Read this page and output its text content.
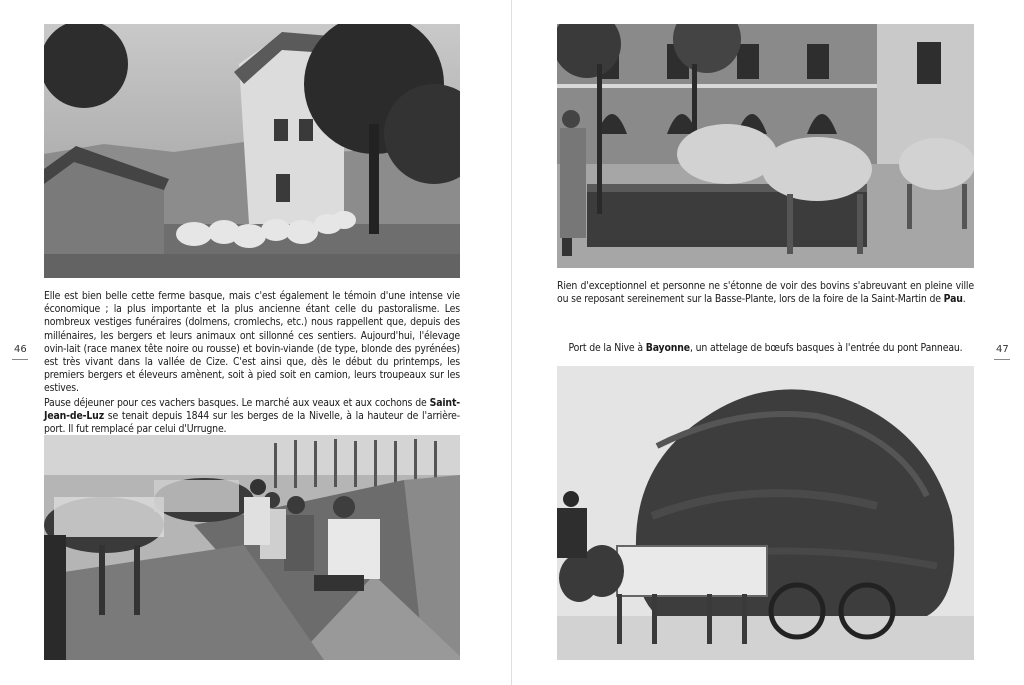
Elle est bien belle cette ferme basque, mais c'est également le témoin d'une intense vie économique ; la plus importante et la plus ancienne étant celle du pastoralisme. Les nombreux vestiges funéraires (dolmens, cromlechs, etc.) nous rappellent que, depuis des millénaires, les bergers et leurs animaux ont sillonné ces sentiers. Aujourd'hui, l'élevage ovin-lait (race manex tête noire ou rousse) et bovin-viande (de type, blonde des pyrénées) est très vivant dans la vallée de Cize. C'est ainsi que, dès le début du printemps, les premiers bergers et éleveurs amènent, soit à pied soit en camion, leurs troupeaux sur les estives.
46
Pause déjeuner pour ces vachers basques. Le marché aux veaux et aux cochons de Saint-Jean-de-Luz se tenait depuis 1844 sur les berges de la Nivelle, à la hauteur de l'arrière-port. Il fut remplacé par celui d'Urrugne.
Rien d'exceptionnel et personne ne s'étonne de voir des bovins s'abreuvant en pleine ville ou se reposant sereinement sur la Basse-Plante, lors de la foire de la Saint-Martin de Pau.
47
Port de la Nive à Bayonne, un attelage de bœufs basques à l'entrée du pont Panneau.
